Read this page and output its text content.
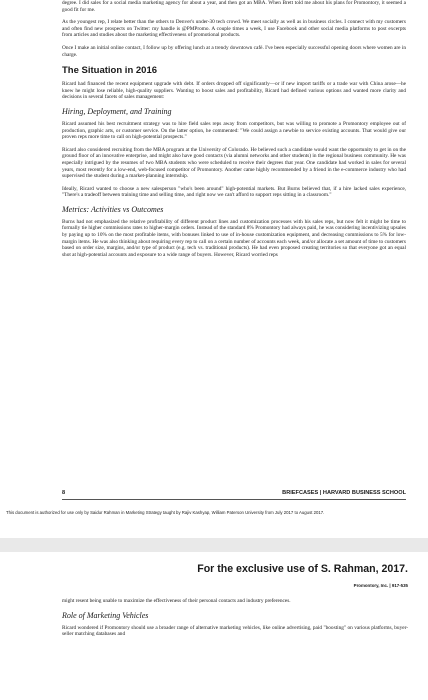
degree. I did sales for a social media marketing agency for about a year, and then got an MBA. When Brett told me about his plans for Promontory, it seemed a good fit for me.

As the youngest rep, I relate better than the others to Denver's under-30 tech crowd. We meet socially as well as in business circles. I connect with my customers and often find new prospects on Twitter: my handle is @PMPromo. A couple times a week, I use Facebook and other social media platforms to post excerpts from articles and studies about the marketing effectiveness of promotional products.

Once I make an initial online contact, I follow up by offering lunch at a trendy downtown café. I've been especially successful opening doors where women are in charge.

The Situation in 2016

Ricard had financed the recent equipment upgrade with debt. If orders dropped off significantly—or if new import tariffs or a trade war with China arose—he knew he might lose reliable, high-quality suppliers. Wanting to boost sales and profitability, Ricard had defined various options and wanted more clarity and decisions in several facets of sales management:

Hiring, Deployment, and Training

Ricard assumed his best recruitment strategy was to hire field sales reps away from competitors, but was willing to promote a Promontory employee out of production, graphic arts, or customer service. On the latter option, he commented: "We could assign a newbie to service existing accounts. That would give our proven reps more time to call on high-potential prospects."

Ricard also considered recruiting from the MBA program at the University of Colorado. He believed such a candidate would want the opportunity to get in on the ground floor of an innovative enterprise, and might also have good contacts (via alumni networks and other students) in the regional business community. He was especially intrigued by the resumes of two MBA students who were scheduled to receive their degrees that year. One candidate had worked in sales for several years, most recently for a low-end, web-focused competitor of Promontory. Another came highly recommended by a friend in the e-commerce industry who had supervised the student during a market-planning internship.

Ideally, Ricard wanted to choose a new salesperson "who's been around" high-potential markets. But Burns believed that, if a hire lacked sales experience, "There's a tradeoff between training time and selling time, and right now we can't afford to support reps sitting in a classroom."

Metrics: Activities vs Outcomes

Burns had not emphasized the relative profitability of different product lines and customization processes with his sales reps, but now felt it might be time to formally tie higher commissions rates to higher-margin orders. Instead of the standard 8% Promontory had always paid, he was considering incentivizing upsales by paying up to 10% on the most profitable items, with bonuses linked to use of in-house customization equipment, and decreasing commissions to 5% for low-margin items. He was also thinking about requiring every rep to call on a certain number of accounts each week, and/or allocate a set amount of time to customers based on order size, margins, and/or type of product (e.g. tech vs. traditional products). He had even proposed creating territories so that everyone got an equal shot at high-potential accounts and exposure to a wide range of buyers. However, Ricard worried reps

8	BRIEFCASES | HARVARD BUSINESS SCHOOL
This document is authorized for use only by Saidur Rahman in Marketing Strategy taught by Rajiv Kashyap, William Paterson University from July 2017 to August 2017.
For the exclusive use of S. Rahman, 2017.
Promontory, Inc. | 917-535

might resent being unable to maximize the effectiveness of their personal contacts and industry preferences.

Role of Marketing Vehicles

Ricard wondered if Promontory should use a broader range of alternative marketing vehicles, like online advertising, paid "boosting" on various platforms, buyer-seller matching databases and
